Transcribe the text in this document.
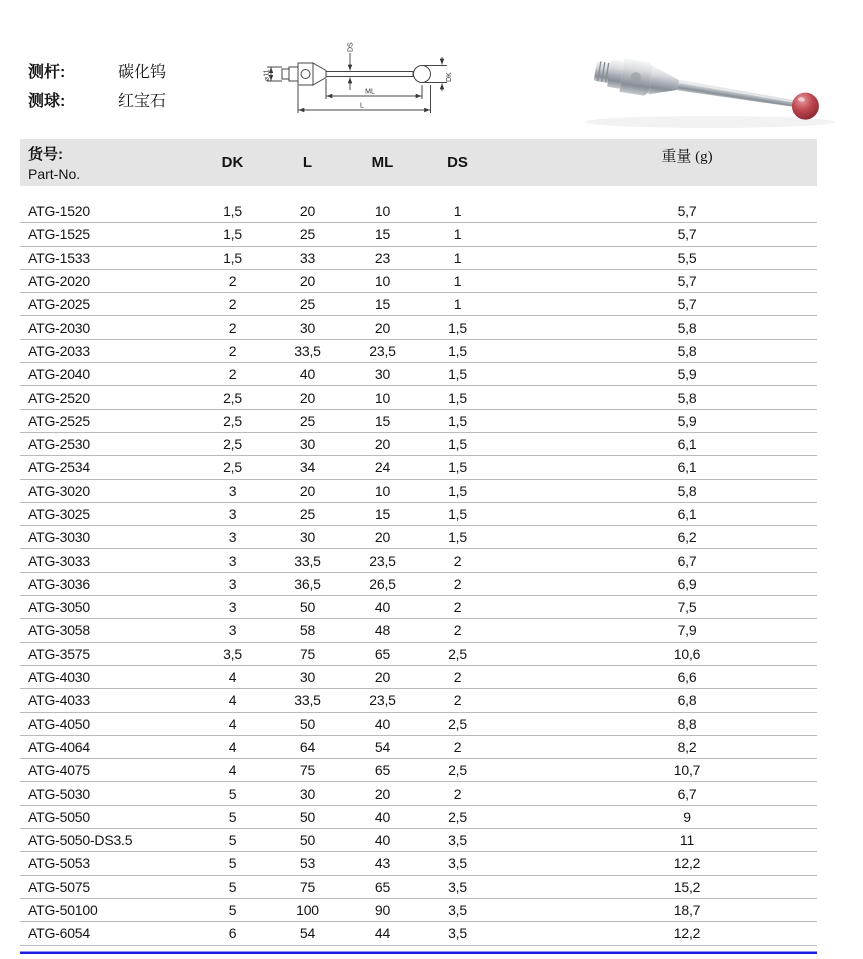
测杆:	碳化钨
测球:	红宝石
⌀11
DS
DK
ML
L
货号:
Part-No.
DK	L	ML	DS	重量 (g)
ATG-1520	1,5	20	10	1	5,7
ATG-1525	1,5	25	15	1	5,7
ATG-1533	1,5	33	23	1	5,5
ATG-2020	2	20	10	1	5,7
ATG-2025	2	25	15	1	5,7
ATG-2030	2	30	20	1,5	5,8
ATG-2033	2	33,5	23,5	1,5	5,8
ATG-2040	2	40	30	1,5	5,9
ATG-2520	2,5	20	10	1,5	5,8
ATG-2525	2,5	25	15	1,5	5,9
ATG-2530	2,5	30	20	1,5	6,1
ATG-2534	2,5	34	24	1,5	6,1
ATG-3020	3	20	10	1,5	5,8
ATG-3025	3	25	15	1,5	6,1
ATG-3030	3	30	20	1,5	6,2
ATG-3033	3	33,5	23,5	2	6,7
ATG-3036	3	36,5	26,5	2	6,9
ATG-3050	3	50	40	2	7,5
ATG-3058	3	58	48	2	7,9
ATG-3575	3,5	75	65	2,5	10,6
ATG-4030	4	30	20	2	6,6
ATG-4033	4	33,5	23,5	2	6,8
ATG-4050	4	50	40	2,5	8,8
ATG-4064	4	64	54	2	8,2
ATG-4075	4	75	65	2,5	10,7
ATG-5030	5	30	20	2	6,7
ATG-5050	5	50	40	2,5	9
ATG-5050-DS3.5	5	50	40	3,5	11
ATG-5053	5	53	43	3,5	12,2
ATG-5075	5	75	65	3,5	15,2
ATG-50100	5	100	90	3,5	18,7
ATG-6054	6	54	44	3,5	12,2
